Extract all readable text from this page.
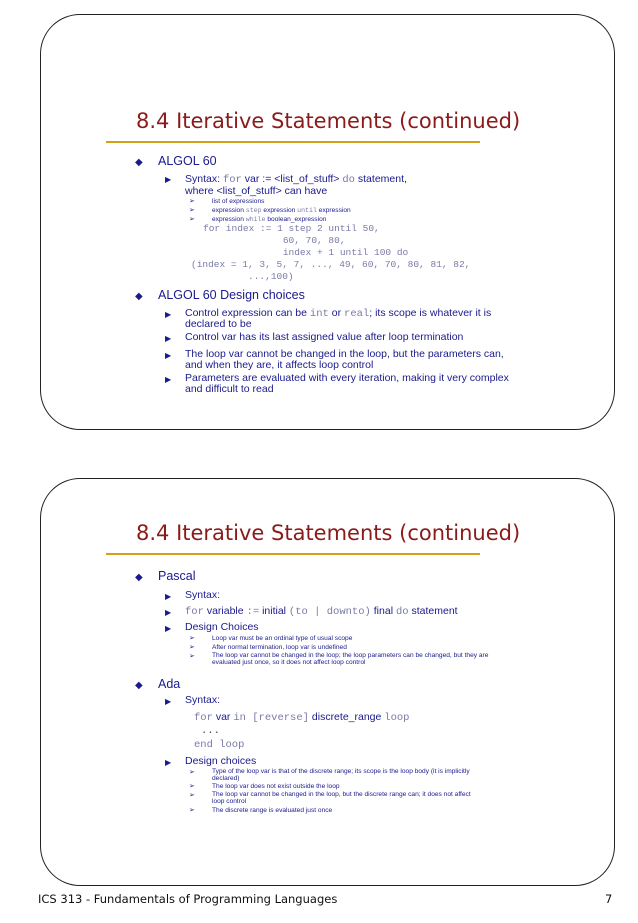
8.4 Iterative Statements (continued)
◆ ALGOL 60
▶ Syntax: for var := <list_of_stuff> do statement,
where <list_of_stuff> can have
➢	list of expressions
➢	expression step expression until expression
➢	expression while boolean_expression
for index := 1 step 2 until 50,
60, 70, 80,
index + 1 until 100 do
(index = 1, 3, 5, 7, ..., 49, 60, 70, 80, 81, 82,
...,100)
◆ ALGOL 60 Design choices
▶ Control expression can be int or real; its scope is whatever it is
declared to be
▶ Control var has its last assigned value after loop termination
▶ The loop var cannot be changed in the loop, but the parameters can,
and when they are, it affects loop control
▶ Parameters are evaluated with every iteration, making it very complex
and difficult to read
8.4 Iterative Statements (continued)
◆ Pascal
▶ Syntax:
▶ for variable := initial (to | downto) final do statement
▶ Design Choices
➢	Loop var must be an ordinal type of usual scope
➢	After normal termination, loop var is undefined
➢	The loop var cannot be changed in the loop; the loop parameters can be changed, but they are
evaluated just once, so it does not affect loop control
◆ Ada
▶ Syntax:
for var in [reverse] discrete_range loop
...
end loop
▶ Design choices
➢	Type of the loop var is that of the discrete range; its scope is the loop body (it is implicitly
declared)
➢	The loop var does not exist outside the loop
➢	The loop var cannot be changed in the loop, but the discrete range can; it does not affect
loop control
➢	The discrete range is evaluated just once
ICS 313 - Fundamentals of Programming Languages	7
